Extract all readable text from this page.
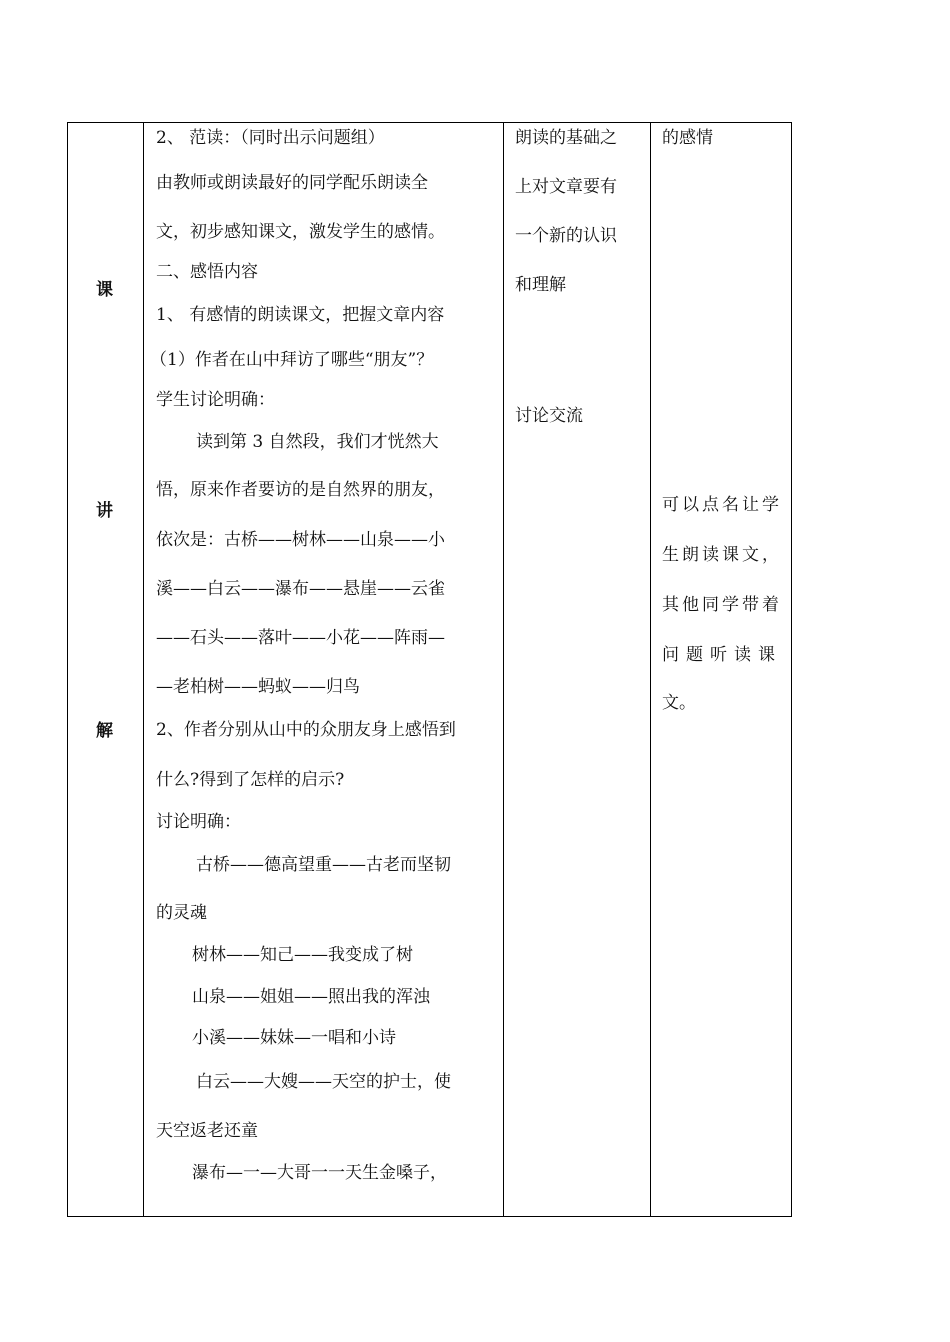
课
讲
解
2、 范读：（同时出示问题组）
由教师或朗读最好的同学配乐朗读全
文，初步感知课文，激发学生的感情。
二、感悟内容
1、 有感情的朗读课文，把握文章内容
（1）作者在山中拜访了哪些“朋友”？
学生讨论明确：
读到第 3 自然段，我们才恍然大
悟，原来作者要访的是自然界的朋友，
依次是：古桥——树林——山泉——小
溪——白云——瀑布——悬崖——云雀
——石头——落叶——小花——阵雨—
—老柏树——蚂蚁——归鸟
2、作者分别从山中的众朋友身上感悟到
什么?得到了怎样的启示?
讨论明确：
古桥——德高望重——古老而坚韧
的灵魂
树林——知己——我变成了树
山泉——姐姐——照出我的浑浊
小溪——妹妹—一唱和小诗
白云——大嫂——天空的护士，使
天空返老还童
瀑布—一—大哥一一天生金嗓子，
朗读的基础之
上对文章要有
一个新的认识
和理解
讨论交流
的感情
可以点名让学
生朗读课文，
其他同学带着
问题听读课
文。
